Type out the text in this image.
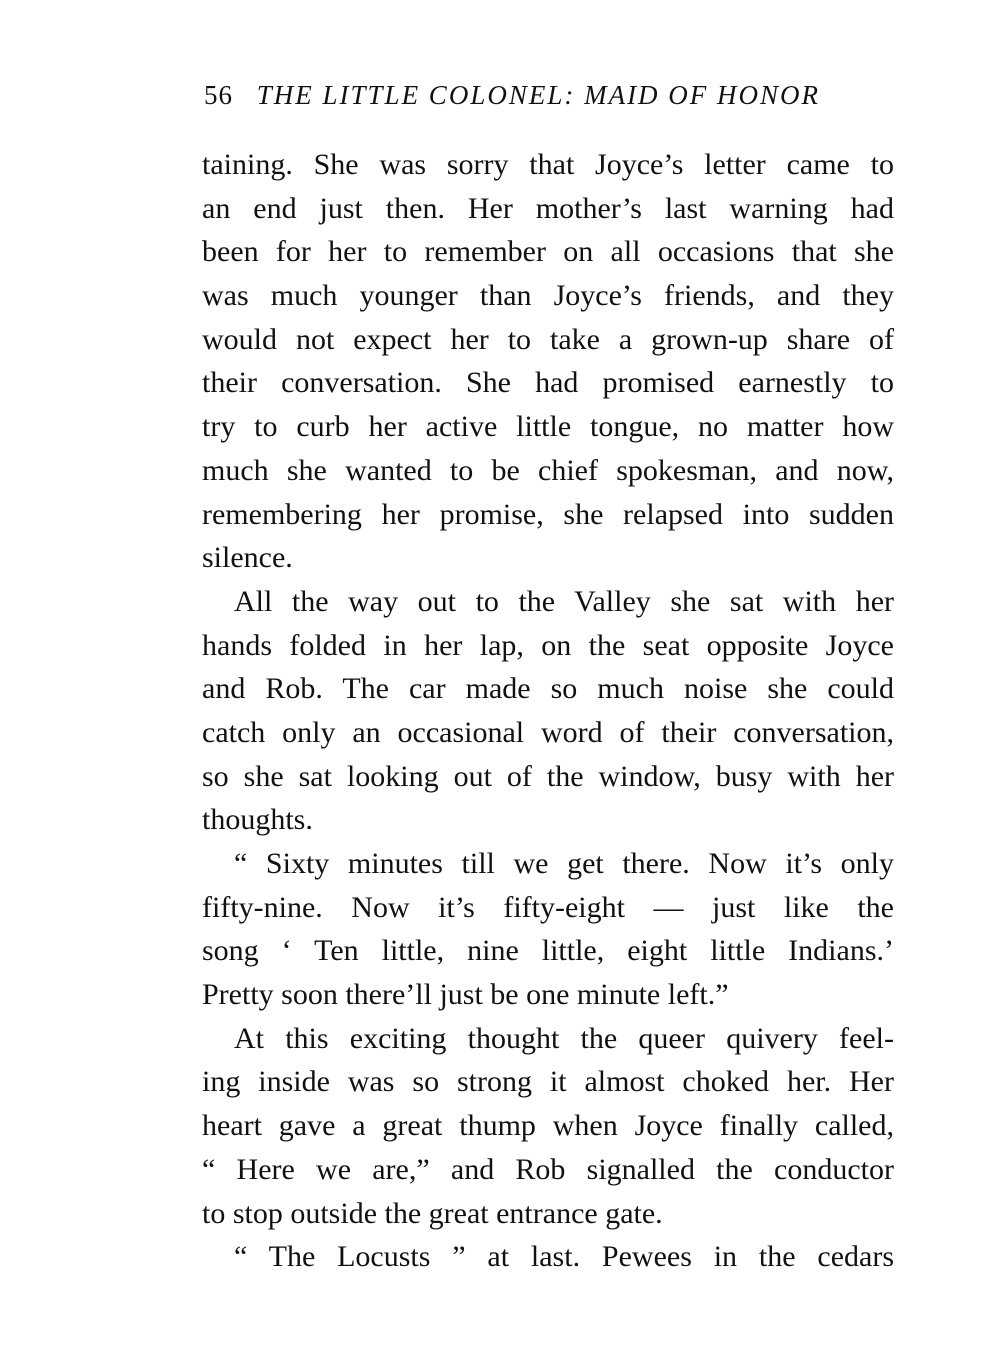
56 THE LITTLE COLONEL: MAID OF HONOR
taining. She was sorry that Joyce’s letter came to
an end just then. Her mother’s last warning had
been for her to remember on all occasions that she
was much younger than Joyce’s friends, and they
would not expect her to take a grown-up share of
their conversation. She had promised earnestly to
try to curb her active little tongue, no matter how
much she wanted to be chief spokesman, and now,
remembering her promise, she relapsed into sudden
silence.
All the way out to the Valley she sat with her
hands folded in her lap, on the seat opposite Joyce
and Rob. The car made so much noise she could
catch only an occasional word of their conversation,
so she sat looking out of the window, busy with her
thoughts.
“ Sixty minutes till we get there. Now it’s only
fifty-nine. Now it’s fifty-eight — just like the
song ‘ Ten little, nine little, eight little Indians.’
Pretty soon there’ll just be one minute left.”
At this exciting thought the queer quivery feel-
ing inside was so strong it almost choked her. Her
heart gave a great thump when Joyce finally called,
“ Here we are,” and Rob signalled the conductor
to stop outside the great entrance gate.
“ The Locusts ” at last. Pewees in the cedars
